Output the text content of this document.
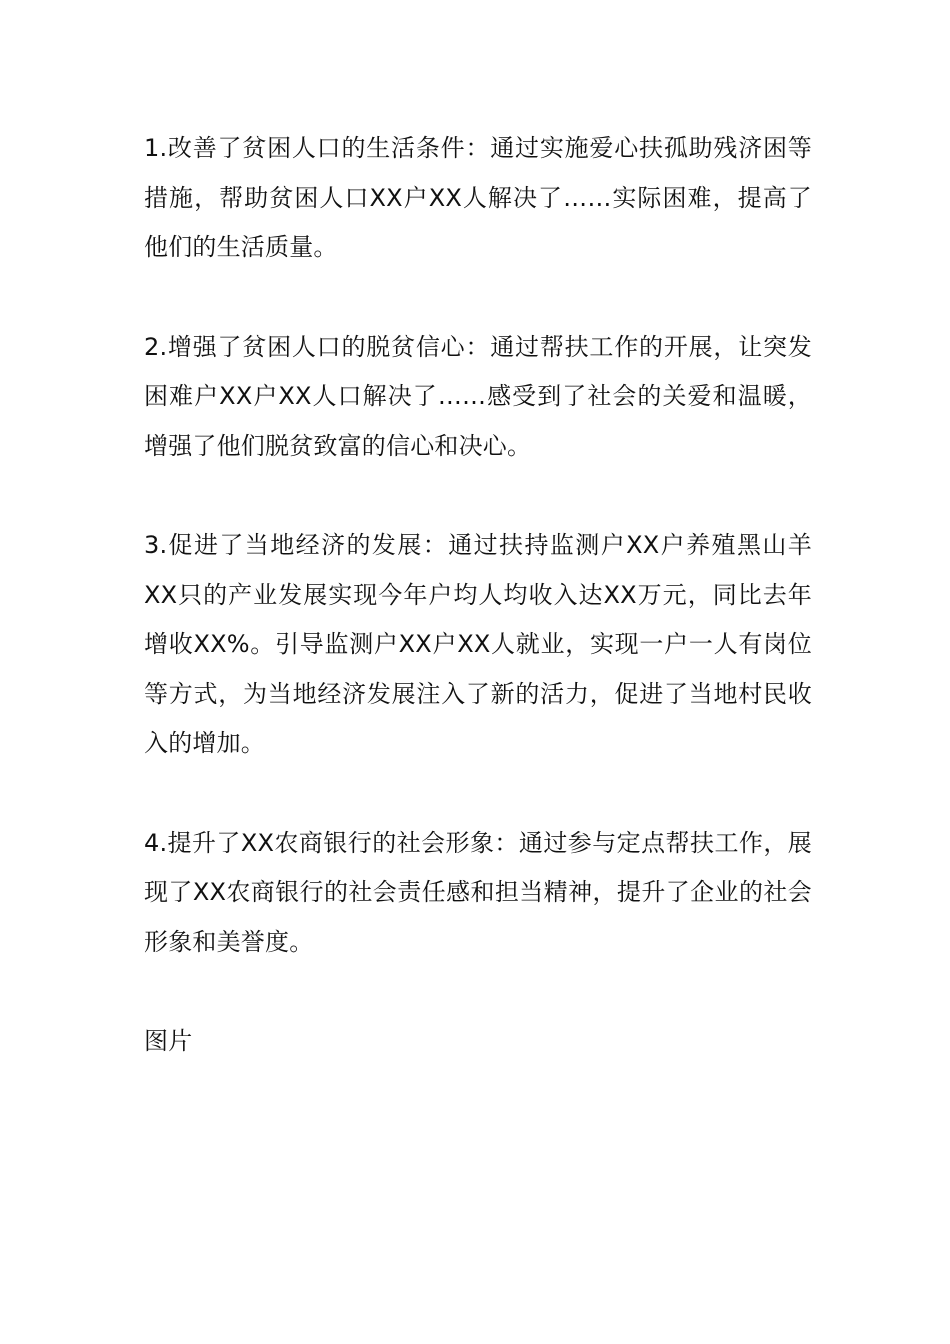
1.改善了贫困人口的生活条件：通过实施爱心扶孤助残济困等措施，帮助贫困人口XX户XX人解决了……实际困难，提高了他们的生活质量。

2.增强了贫困人口的脱贫信心：通过帮扶工作的开展，让突发困难户XX户XX人口解决了……感受到了社会的关爱和温暖，增强了他们脱贫致富的信心和决心。

3.促进了当地经济的发展：通过扶持监测户XX户养殖黑山羊XX只的产业发展实现今年户均人均收入达XX万元，同比去年增收XX%。引导监测户XX户XX人就业，实现一户一人有岗位等方式，为当地经济发展注入了新的活力，促进了当地村民收入的增加。

4.提升了XX农商银行的社会形象：通过参与定点帮扶工作，展现了XX农商银行的社会责任感和担当精神，提升了企业的社会形象和美誉度。

图片
